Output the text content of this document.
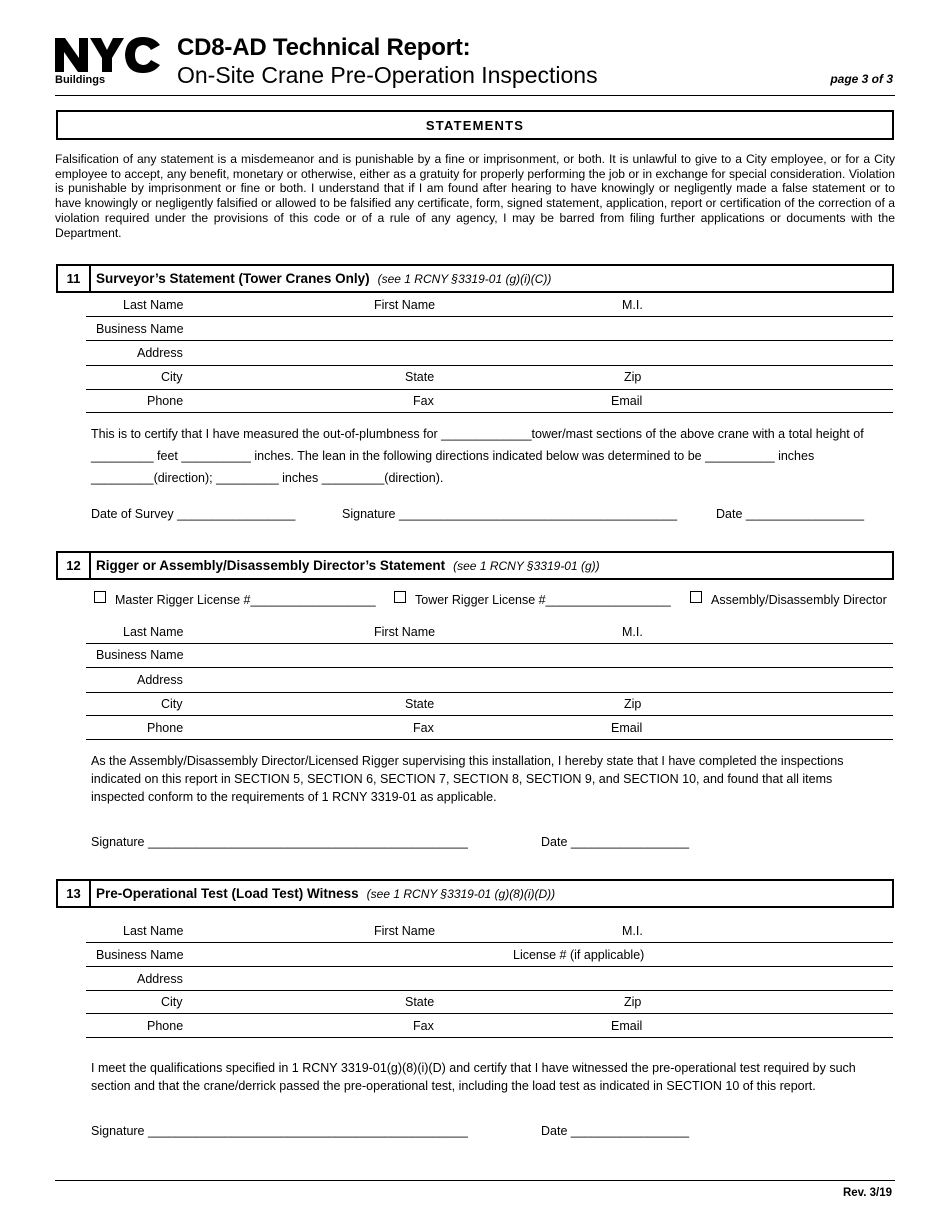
Buildings
CD8-AD Technical Report:
On-Site Crane Pre-Operation Inspections	page 3 of 3
STATEMENTS
Falsification of any statement is a misdemeanor and is punishable by a fine or imprisonment, or both. It is unlawful to give to a City employee, or for a City employee to accept, any benefit, monetary or otherwise, either as a gratuity for properly performing the job or in exchange for special consideration. Violation is punishable by imprisonment or fine or both. I understand that if I am found after hearing to have knowingly or negligently made a false statement or to have knowingly or negligently falsified or allowed to be falsified any certificate, form, signed statement, application, report or certification of the correction of a violation required under the provisions of this code or of a rule of any agency, I may be barred from filing further applications or documents with the Department.
11	Surveyor’s Statement (Tower Cranes Only) (see 1 RCNY §3319-01 (g)(i)(C))
Last Name	First Name	M.I.
Business Name
Address
City	State	Zip
Phone	Fax	Email
This is to certify that I have measured the out-of-plumbness for _____________tower/mast sections of the above crane with a total height of
_________ feet __________ inches. The lean in the following directions indicated below was determined to be __________ inches
_________(direction); _________ inches _________(direction).
Date of Survey _________________	Signature ________________________________________	Date _________________
12	Rigger or Assembly/Disassembly Director’s Statement (see 1 RCNY §3319-01 (g))
Master Rigger License #__________________	Tower Rigger License #__________________	Assembly/Disassembly Director
Last Name	First Name	M.I.
Business Name
Address
City	State	Zip
Phone	Fax	Email
As the Assembly/Disassembly Director/Licensed Rigger supervising this installation, I hereby state that I have completed the inspections indicated on this report in SECTION 5, SECTION 6, SECTION 7, SECTION 8, SECTION 9, and SECTION 10, and found that all items inspected conform to the requirements of 1 RCNY 3319-01 as applicable.
Signature ______________________________________________	Date _________________
13	Pre-Operational Test (Load Test) Witness (see 1 RCNY §3319-01 (g)(8)(i)(D))
Last Name	First Name	M.I.
Business Name	License # (if applicable)
Address
City	State	Zip
Phone	Fax	Email
I meet the qualifications specified in 1 RCNY 3319-01(g)(8)(i)(D) and certify that I have witnessed the pre-operational test required by such section and that the crane/derrick passed the pre-operational test, including the load test as indicated in SECTION 10 of this report.
Signature ______________________________________________	Date _________________
Rev. 3/19
